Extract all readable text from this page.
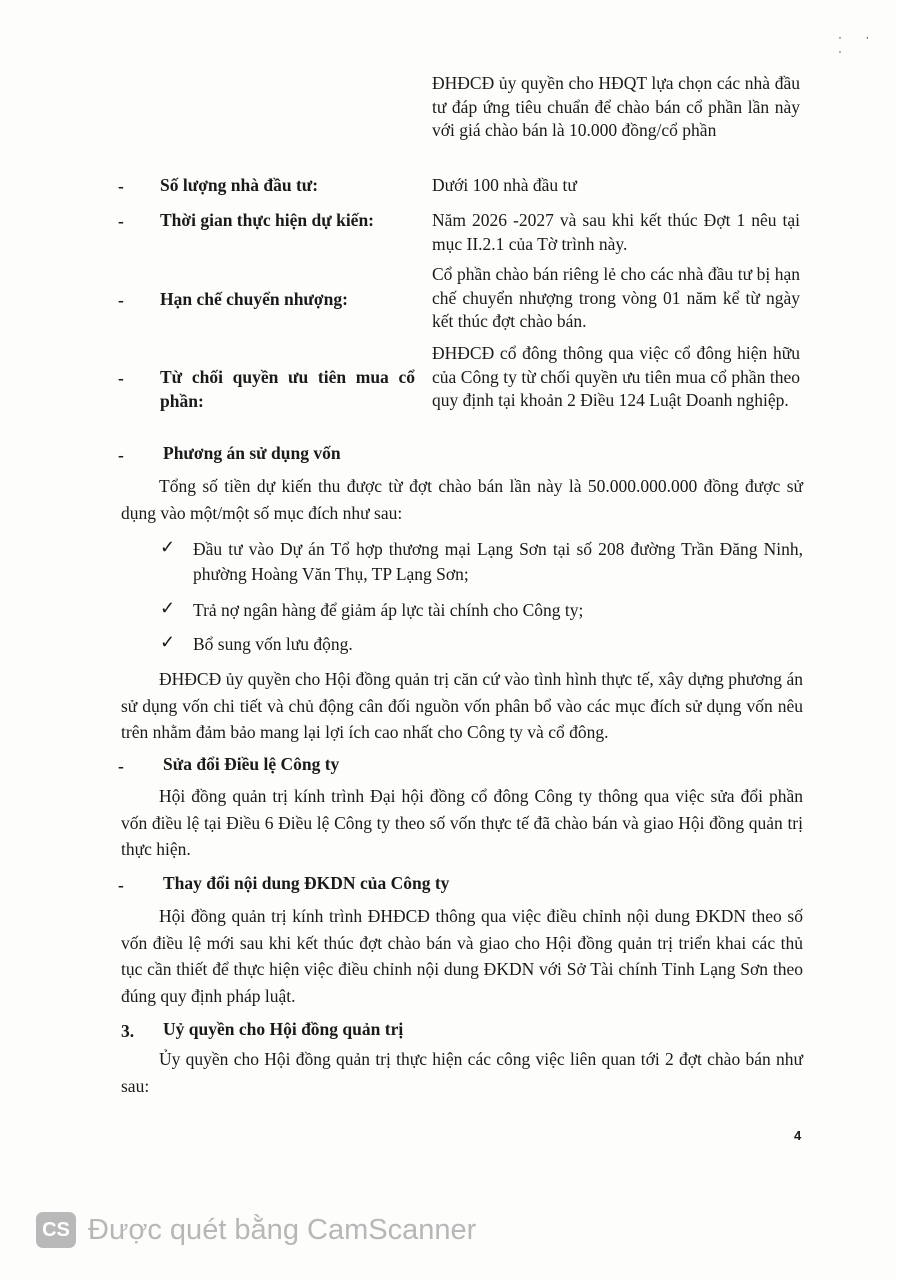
· · ·
ĐHĐCĐ ủy quyền cho HĐQT lựa chọn các nhà đầu tư đáp ứng tiêu chuẩn để chào bán cổ phần lần này với giá chào bán là 10.000 đồng/cổ phần
- Số lượng nhà đầu tư:	Dưới 100 nhà đầu tư
- Thời gian thực hiện dự kiến:	Năm 2026 -2027 và sau khi kết thúc Đợt 1 nêu tại mục II.2.1 của Tờ trình này.
- Hạn chế chuyển nhượng:
Cổ phần chào bán riêng lẻ cho các nhà đầu tư bị hạn chế chuyển nhượng trong vòng 01 năm kể từ ngày kết thúc đợt chào bán.
- Từ chối quyền ưu tiên mua cổ phần:
ĐHĐCĐ cổ đông thông qua việc cổ đông hiện hữu của Công ty từ chối quyền ưu tiên mua cổ phần theo quy định tại khoản 2 Điều 124 Luật Doanh nghiệp.
- Phương án sử dụng vốn
Tổng số tiền dự kiến thu được từ đợt chào bán lần này là 50.000.000.000 đồng được sử dụng vào một/một số mục đích như sau:
✓ Đầu tư vào Dự án Tổ hợp thương mại Lạng Sơn tại số 208 đường Trần Đăng Ninh, phường Hoàng Văn Thụ, TP Lạng Sơn;
✓ Trả nợ ngân hàng để giảm áp lực tài chính cho Công ty;
✓ Bổ sung vốn lưu động.
ĐHĐCĐ ủy quyền cho Hội đồng quản trị căn cứ vào tình hình thực tế, xây dựng phương án sử dụng vốn chi tiết và chủ động cân đối nguồn vốn phân bổ vào các mục đích sử dụng vốn nêu trên nhằm đảm bảo mang lại lợi ích cao nhất cho Công ty và cổ đông.
- Sửa đổi Điều lệ Công ty
Hội đồng quản trị kính trình Đại hội đồng cổ đông Công ty thông qua việc sửa đổi phần vốn điều lệ tại Điều 6 Điều lệ Công ty theo số vốn thực tế đã chào bán và giao Hội đồng quản trị thực hiện.
- Thay đổi nội dung ĐKDN của Công ty
Hội đồng quản trị kính trình ĐHĐCĐ thông qua việc điều chỉnh nội dung ĐKDN theo số vốn điều lệ mới sau khi kết thúc đợt chào bán và giao cho Hội đồng quản trị triển khai các thủ tục cần thiết để thực hiện việc điều chỉnh nội dung ĐKDN với Sở Tài chính Tỉnh Lạng Sơn theo đúng quy định pháp luật.
3. Uỷ quyền cho Hội đồng quản trị
Ủy quyền cho Hội đồng quản trị thực hiện các công việc liên quan tới 2 đợt chào bán như sau:
4
CS Được quét bằng CamScanner
